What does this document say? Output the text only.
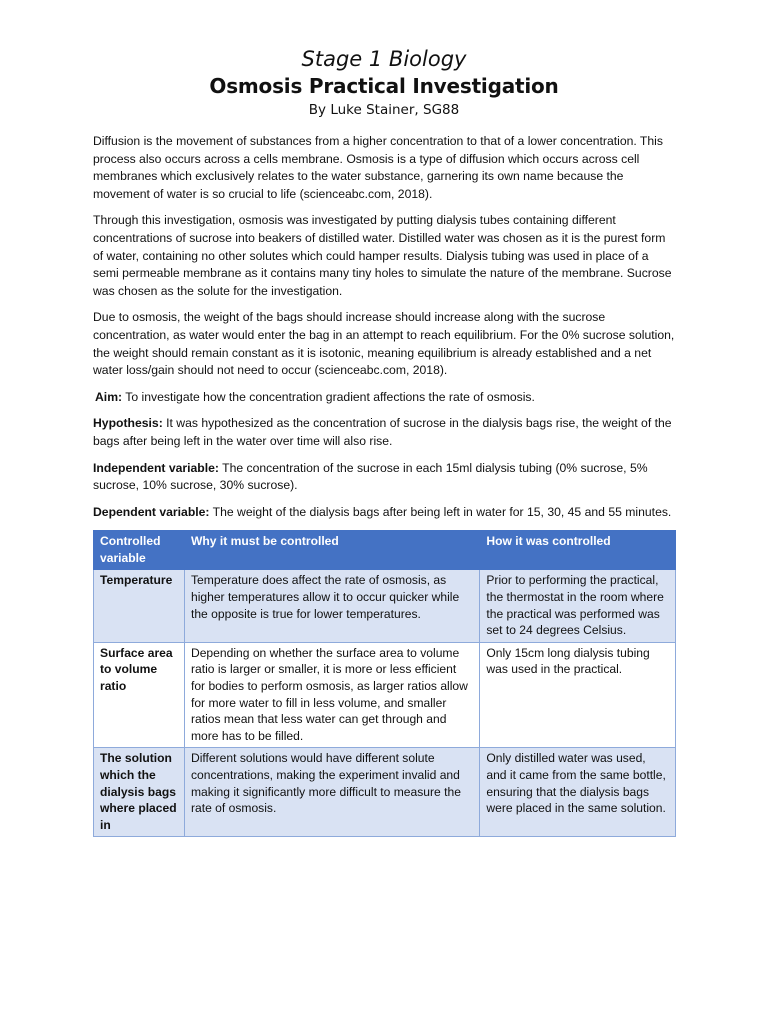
Stage 1 Biology

Osmosis Practical Investigation

By Luke Stainer, SG88

Diffusion is the movement of substances from a higher concentration to that of a lower concentration. This process also occurs across a cells membrane. Osmosis is a type of diffusion which occurs across cell membranes which exclusively relates to the water substance, garnering its own name because the movement of water is so crucial to life (scienceabc.com, 2018).

Through this investigation, osmosis was investigated by putting dialysis tubes containing different concentrations of sucrose into beakers of distilled water. Distilled water was chosen as it is the purest form of water, containing no other solutes which could hamper results. Dialysis tubing was used in place of a semi permeable membrane as it contains many tiny holes to simulate the nature of the membrane. Sucrose was chosen as the solute for the investigation.

Due to osmosis, the weight of the bags should increase should increase along with the sucrose concentration, as water would enter the bag in an attempt to reach equilibrium. For the 0% sucrose solution, the weight should remain constant as it is isotonic, meaning equilibrium is already established and a net water loss/gain should not need to occur (scienceabc.com, 2018).

Aim: To investigate how the concentration gradient affections the rate of osmosis.

Hypothesis: It was hypothesized as the concentration of sucrose in the dialysis bags rise, the weight of the bags after being left in the water over time will also rise.

Independent variable: The concentration of the sucrose in each 15ml dialysis tubing (0% sucrose, 5% sucrose, 10% sucrose, 30% sucrose).

Dependent variable: The weight of the dialysis bags after being left in water for 15, 30, 45 and 55 minutes.

Controlled variable	Why it must be controlled	How it was controlled
Temperature	Temperature does affect the rate of osmosis, as higher temperatures allow it to occur quicker while the opposite is true for lower temperatures.	Prior to performing the practical, the thermostat in the room where the practical was performed was set to 24 degrees Celsius.
Surface area to volume ratio	Depending on whether the surface area to volume ratio is larger or smaller, it is more or less efficient for bodies to perform osmosis, as larger ratios allow for more water to fill in less volume, and smaller ratios mean that less water can get through and more has to be filled.	Only 15cm long dialysis tubing was used in the practical.
The solution which the dialysis bags where placed in	Different solutions would have different solute concentrations, making the experiment invalid and making it significantly more difficult to measure the rate of osmosis.	Only distilled water was used, and it came from the same bottle, ensuring that the dialysis bags were placed in the same solution.
